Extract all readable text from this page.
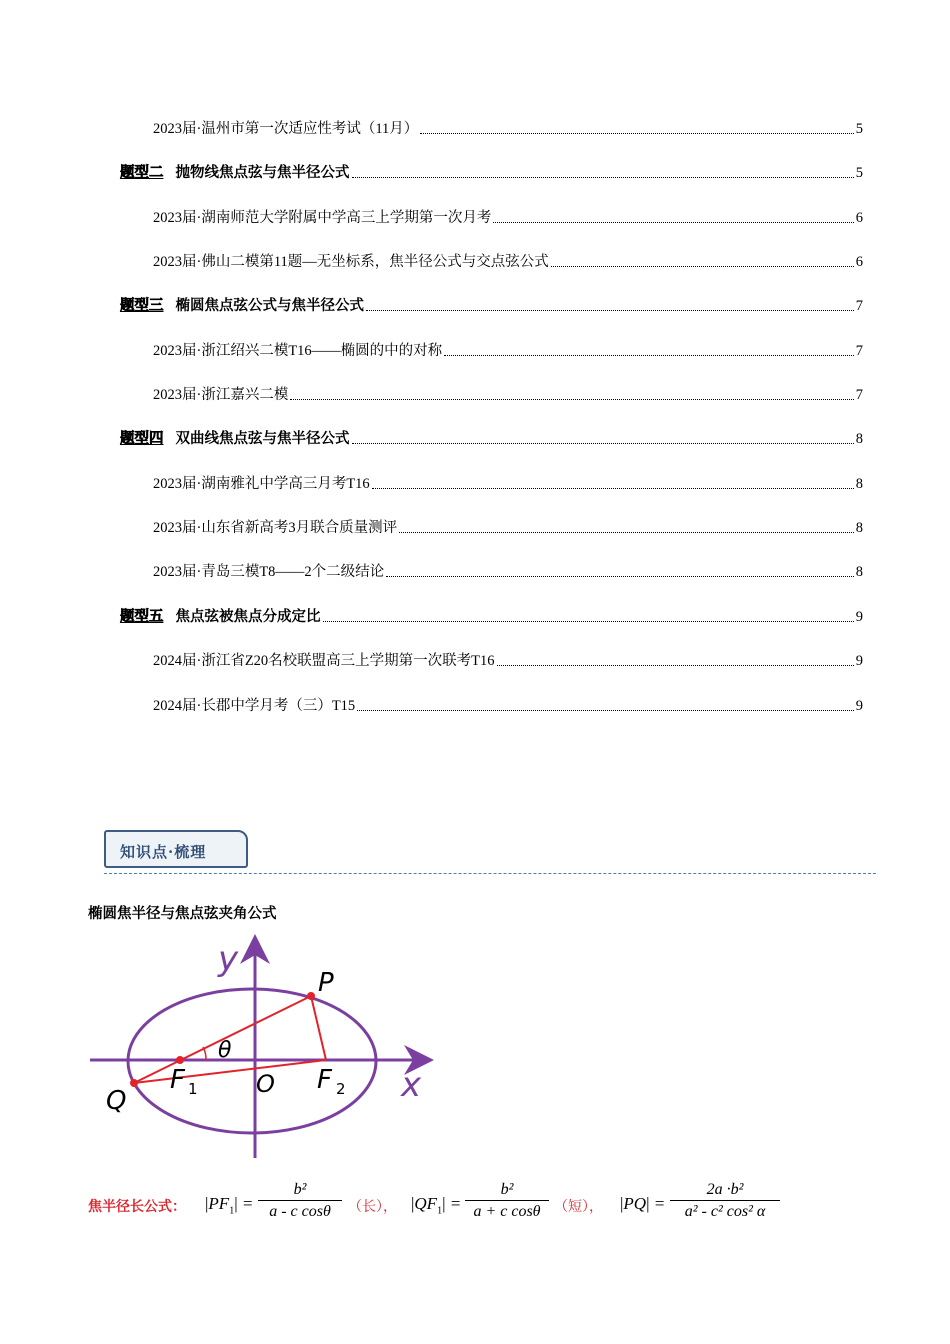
2023届·温州市第一次适应性考试（11月）	5
题型二 抛物线焦点弦与焦半径公式	5
2023届·湖南师范大学附属中学高三上学期第一次月考	6
2023届·佛山二模第11题—无坐标系，焦半径公式与交点弦公式	6
题型三 椭圆焦点弦公式与焦半径公式	7
2023届·浙江绍兴二模T16——椭圆的中的对称	7
2023届·浙江嘉兴二模	7
题型四 双曲线焦点弦与焦半径公式	8
2023届·湖南雅礼中学高三月考T16	8
2023届·山东省新高考3月联合质量测评	8
2023届·青岛三模T8——2个二级结论	8
题型五 焦点弦被焦点分成定比	9
2024届·浙江省Z20名校联盟高三上学期第一次联考T16	9
2024届·长郡中学月考（三）T15	9
知识点·梳理
椭圆焦半径与焦点弦夹角公式
y
x
P
Q
O
θ
F 1	F 2
焦半径长公式： $|PF_1| = \frac{\text{b²}}{\text{a - c cosθ}}$ （长）， $|QF_1| = \frac{\text{b²}}{\text{a + c cosθ}}$ （短）， $|PQ| = \frac{\text{2a ·b²}}{\text{a² - c² cos² α}}$
